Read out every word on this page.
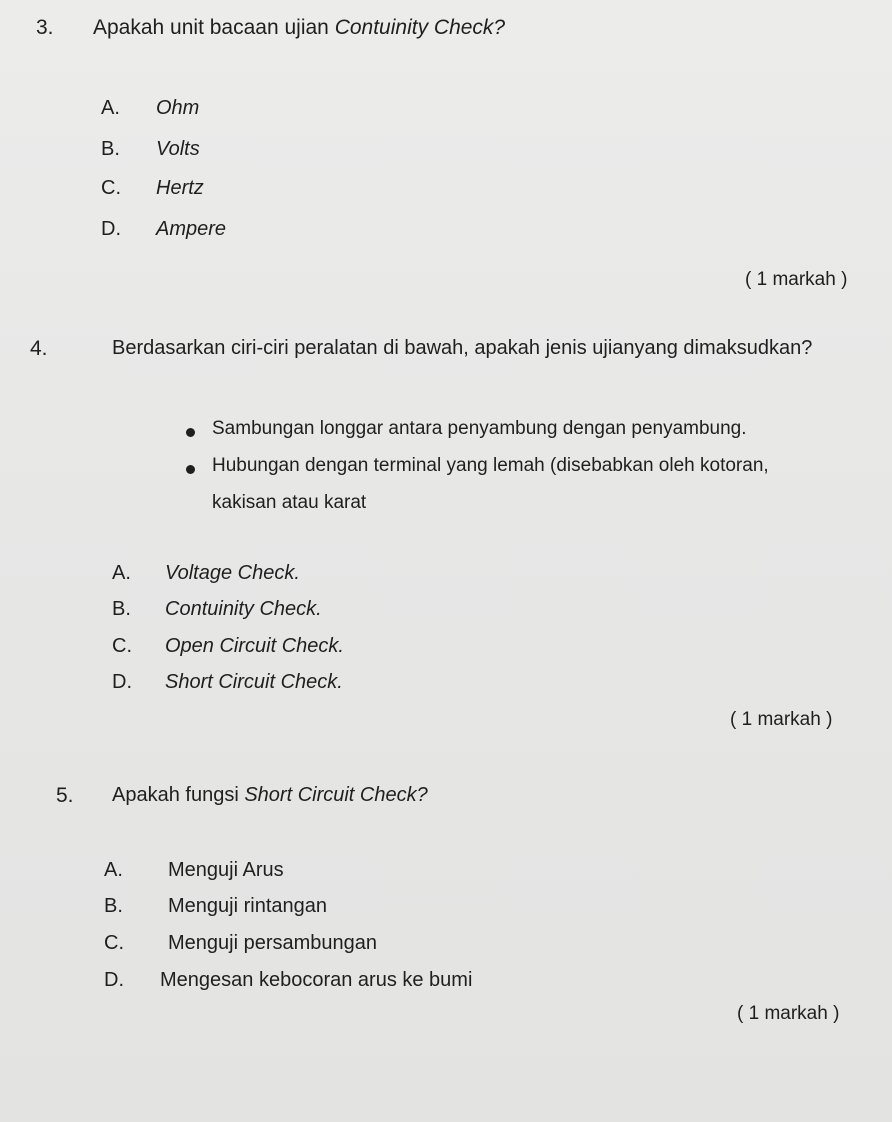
3. Apakah unit bacaan ujian Contuinity Check?
A. Ohm
B. Volts
C. Hertz
D. Ampere
( 1 markah )
4.	Berdasarkan ciri-ciri peralatan di bawah, apakah jenis ujianyang dimaksudkan?
Sambungan longgar antara penyambung dengan penyambung.
Hubungan dengan terminal yang lemah (disebabkan oleh kotoran,
kakisan atau karat
A. Voltage Check.
B. Contuinity Check.
C. Open Circuit Check.
D. Short Circuit Check.
( 1 markah )
5. Apakah fungsi Short Circuit Check?
A. Menguji Arus
B. Menguji rintangan
C. Menguji persambungan
D. Mengesan kebocoran arus ke bumi
( 1 markah )
